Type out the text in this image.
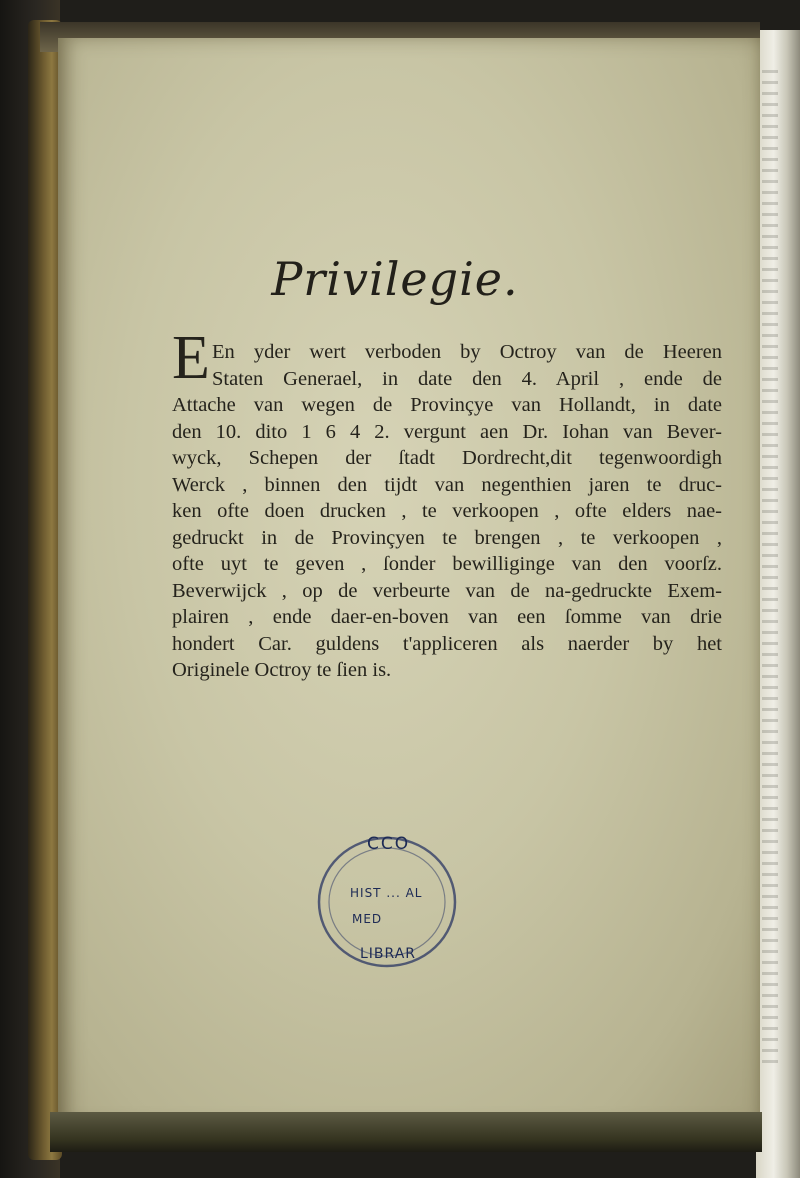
Privilegie.
E En yder wert verboden by Octroy van de Heeren
Staten Generael, in date den 4. April , ende de
Attache van wegen de Provinçye van Hollandt, in date
den 10. dito 1 6 4 2. vergunt aen Dr. Iohan van Bever-
wyck, Schepen der ſtadt Dordrecht,dit tegenwoordigh
Werck , binnen den tijdt van negenthien jaren te druc-
ken ofte doen drucken , te verkoopen , ofte elders nae-
gedruckt in de Provinçyen te brengen , te verkoopen ,
ofte uyt te geven , ſonder bewilliginge van den voorſz.
Beverwijck , op de verbeurte van de na-gedruckte Exem-
plairen , ende daer-en-boven van een ſomme van drie
hondert Car. guldens t'appliceren als naerder by het
Originele Octroy te ſien is.
CCO
HIST ... AL
MED
LIBRAR
